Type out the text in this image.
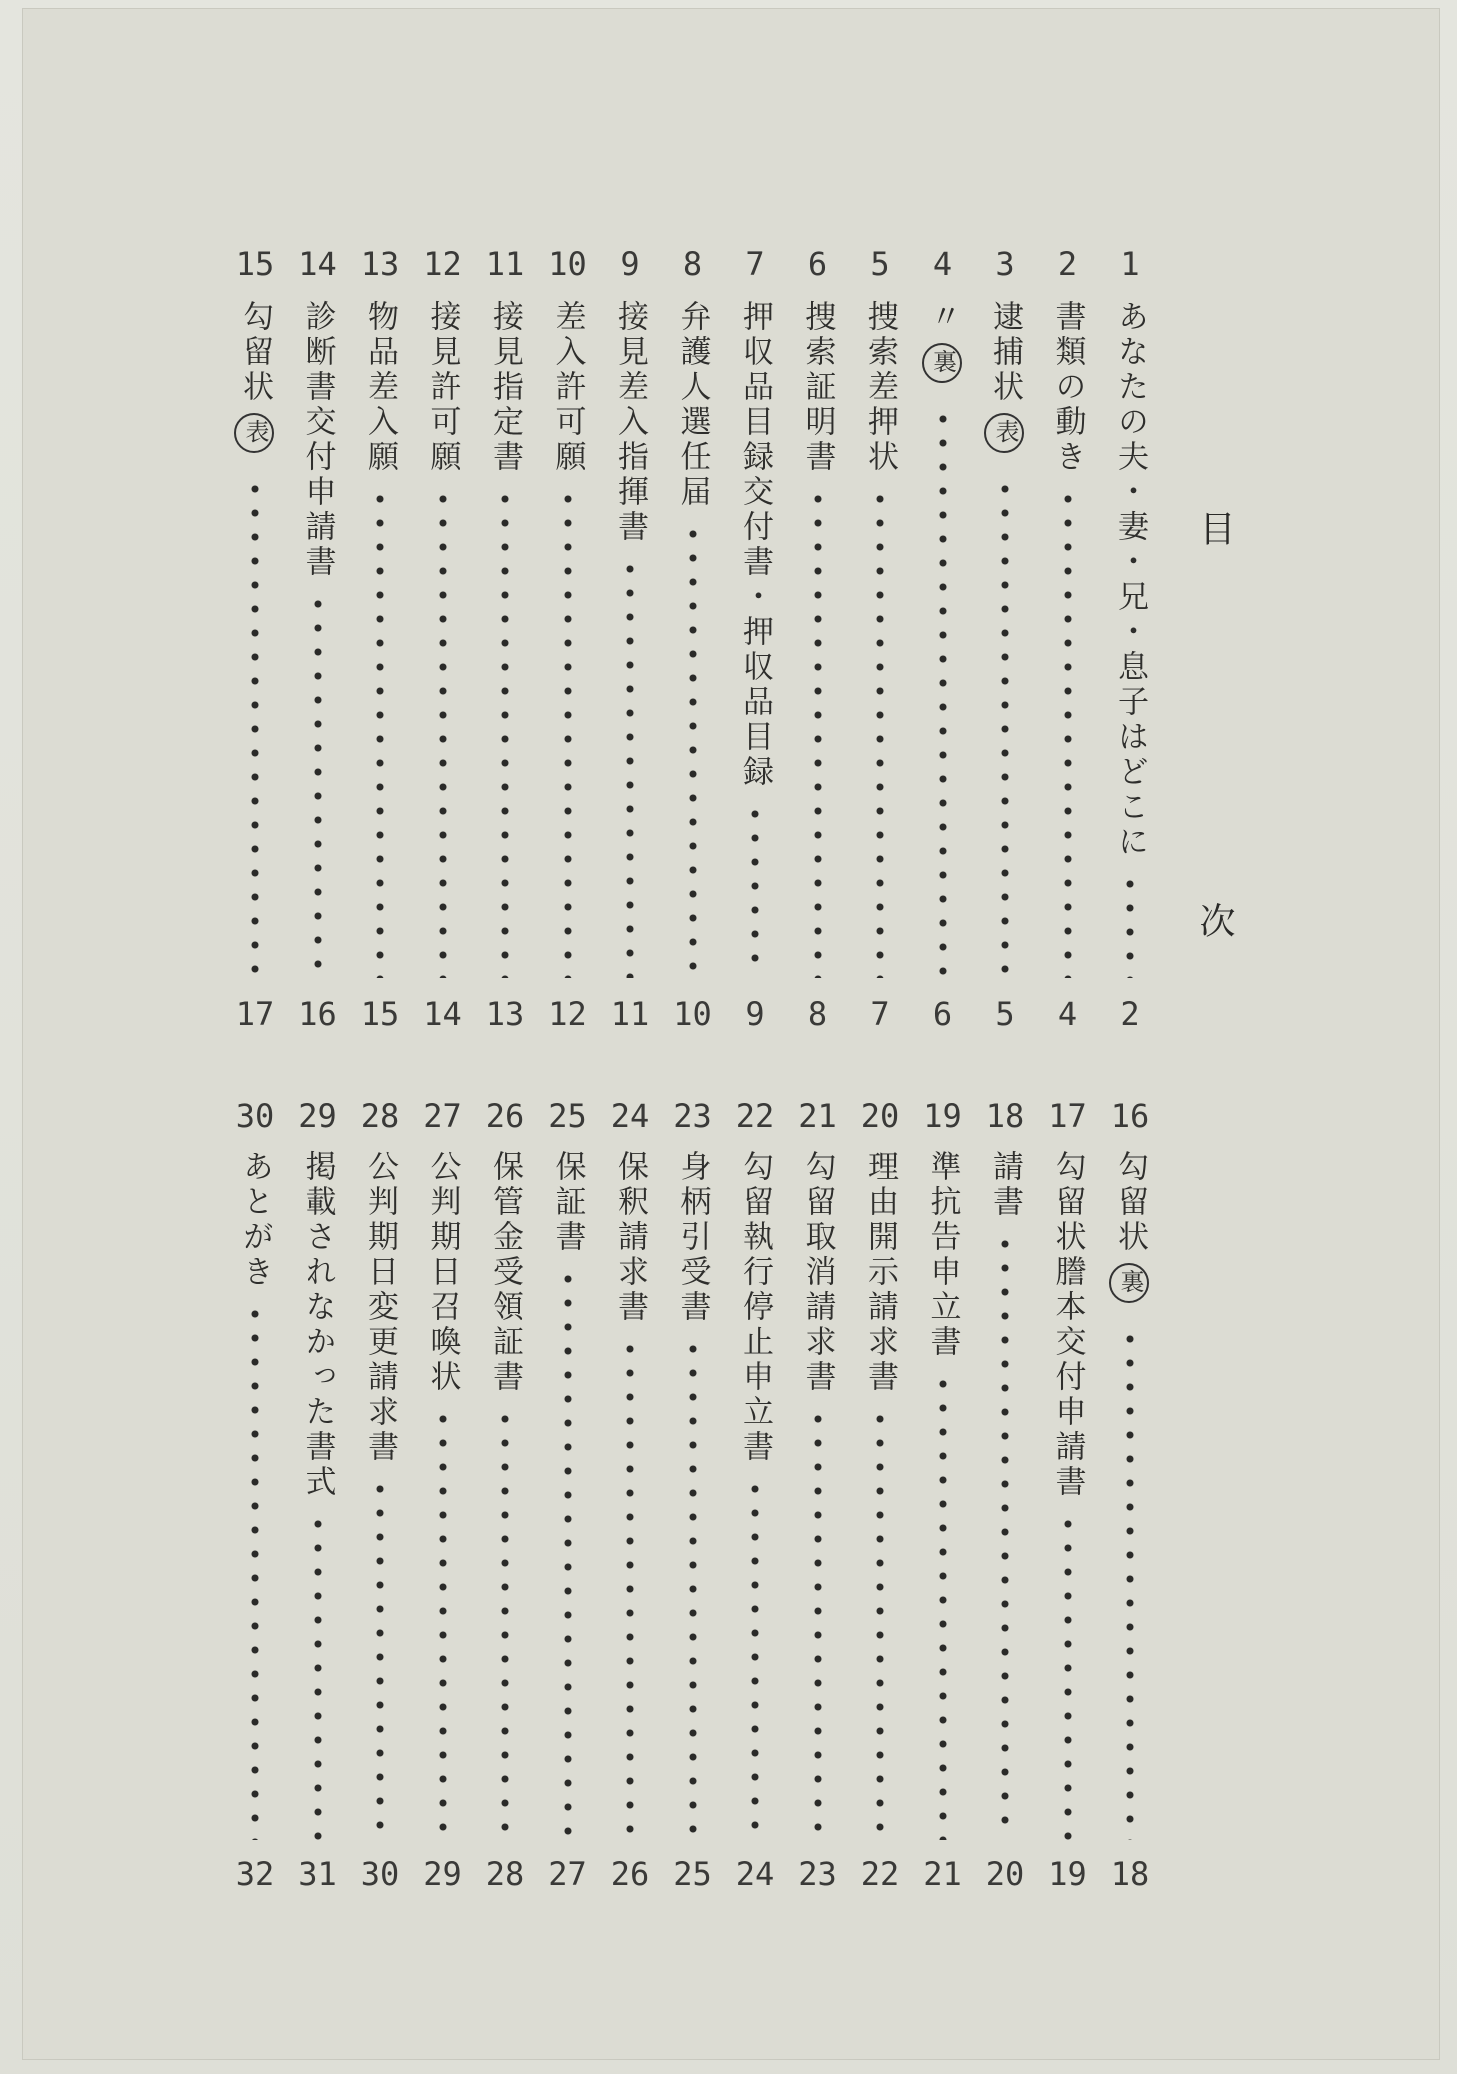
目　次
1
あなたの夫・妻・兄・息子はどこに
2
2
書類の動き
4
3
逮捕状表
5
4
〃裏
6
5
捜索差押状
7
6
捜索証明書
8
7
押収品目録交付書・押収品目録
9
8
弁護人選任届
10
9
接見差入指揮書
11
10
差入許可願
12
11
接見指定書
13
12
接見許可願
14
13
物品差入願
15
14
診断書交付申請書
16
15
勾留状表
17
16
勾留状裏
18
17
勾留状謄本交付申請書
19
18
請書
20
19
準抗告申立書
21
20
理由開示請求書
22
21
勾留取消請求書
23
22
勾留執行停止申立書
24
23
身柄引受書
25
24
保釈請求書
26
25
保証書
27
26
保管金受領証書
28
27
公判期日召喚状
29
28
公判期日変更請求書
30
29
掲載されなかった書式
31
30
あとがき
32
